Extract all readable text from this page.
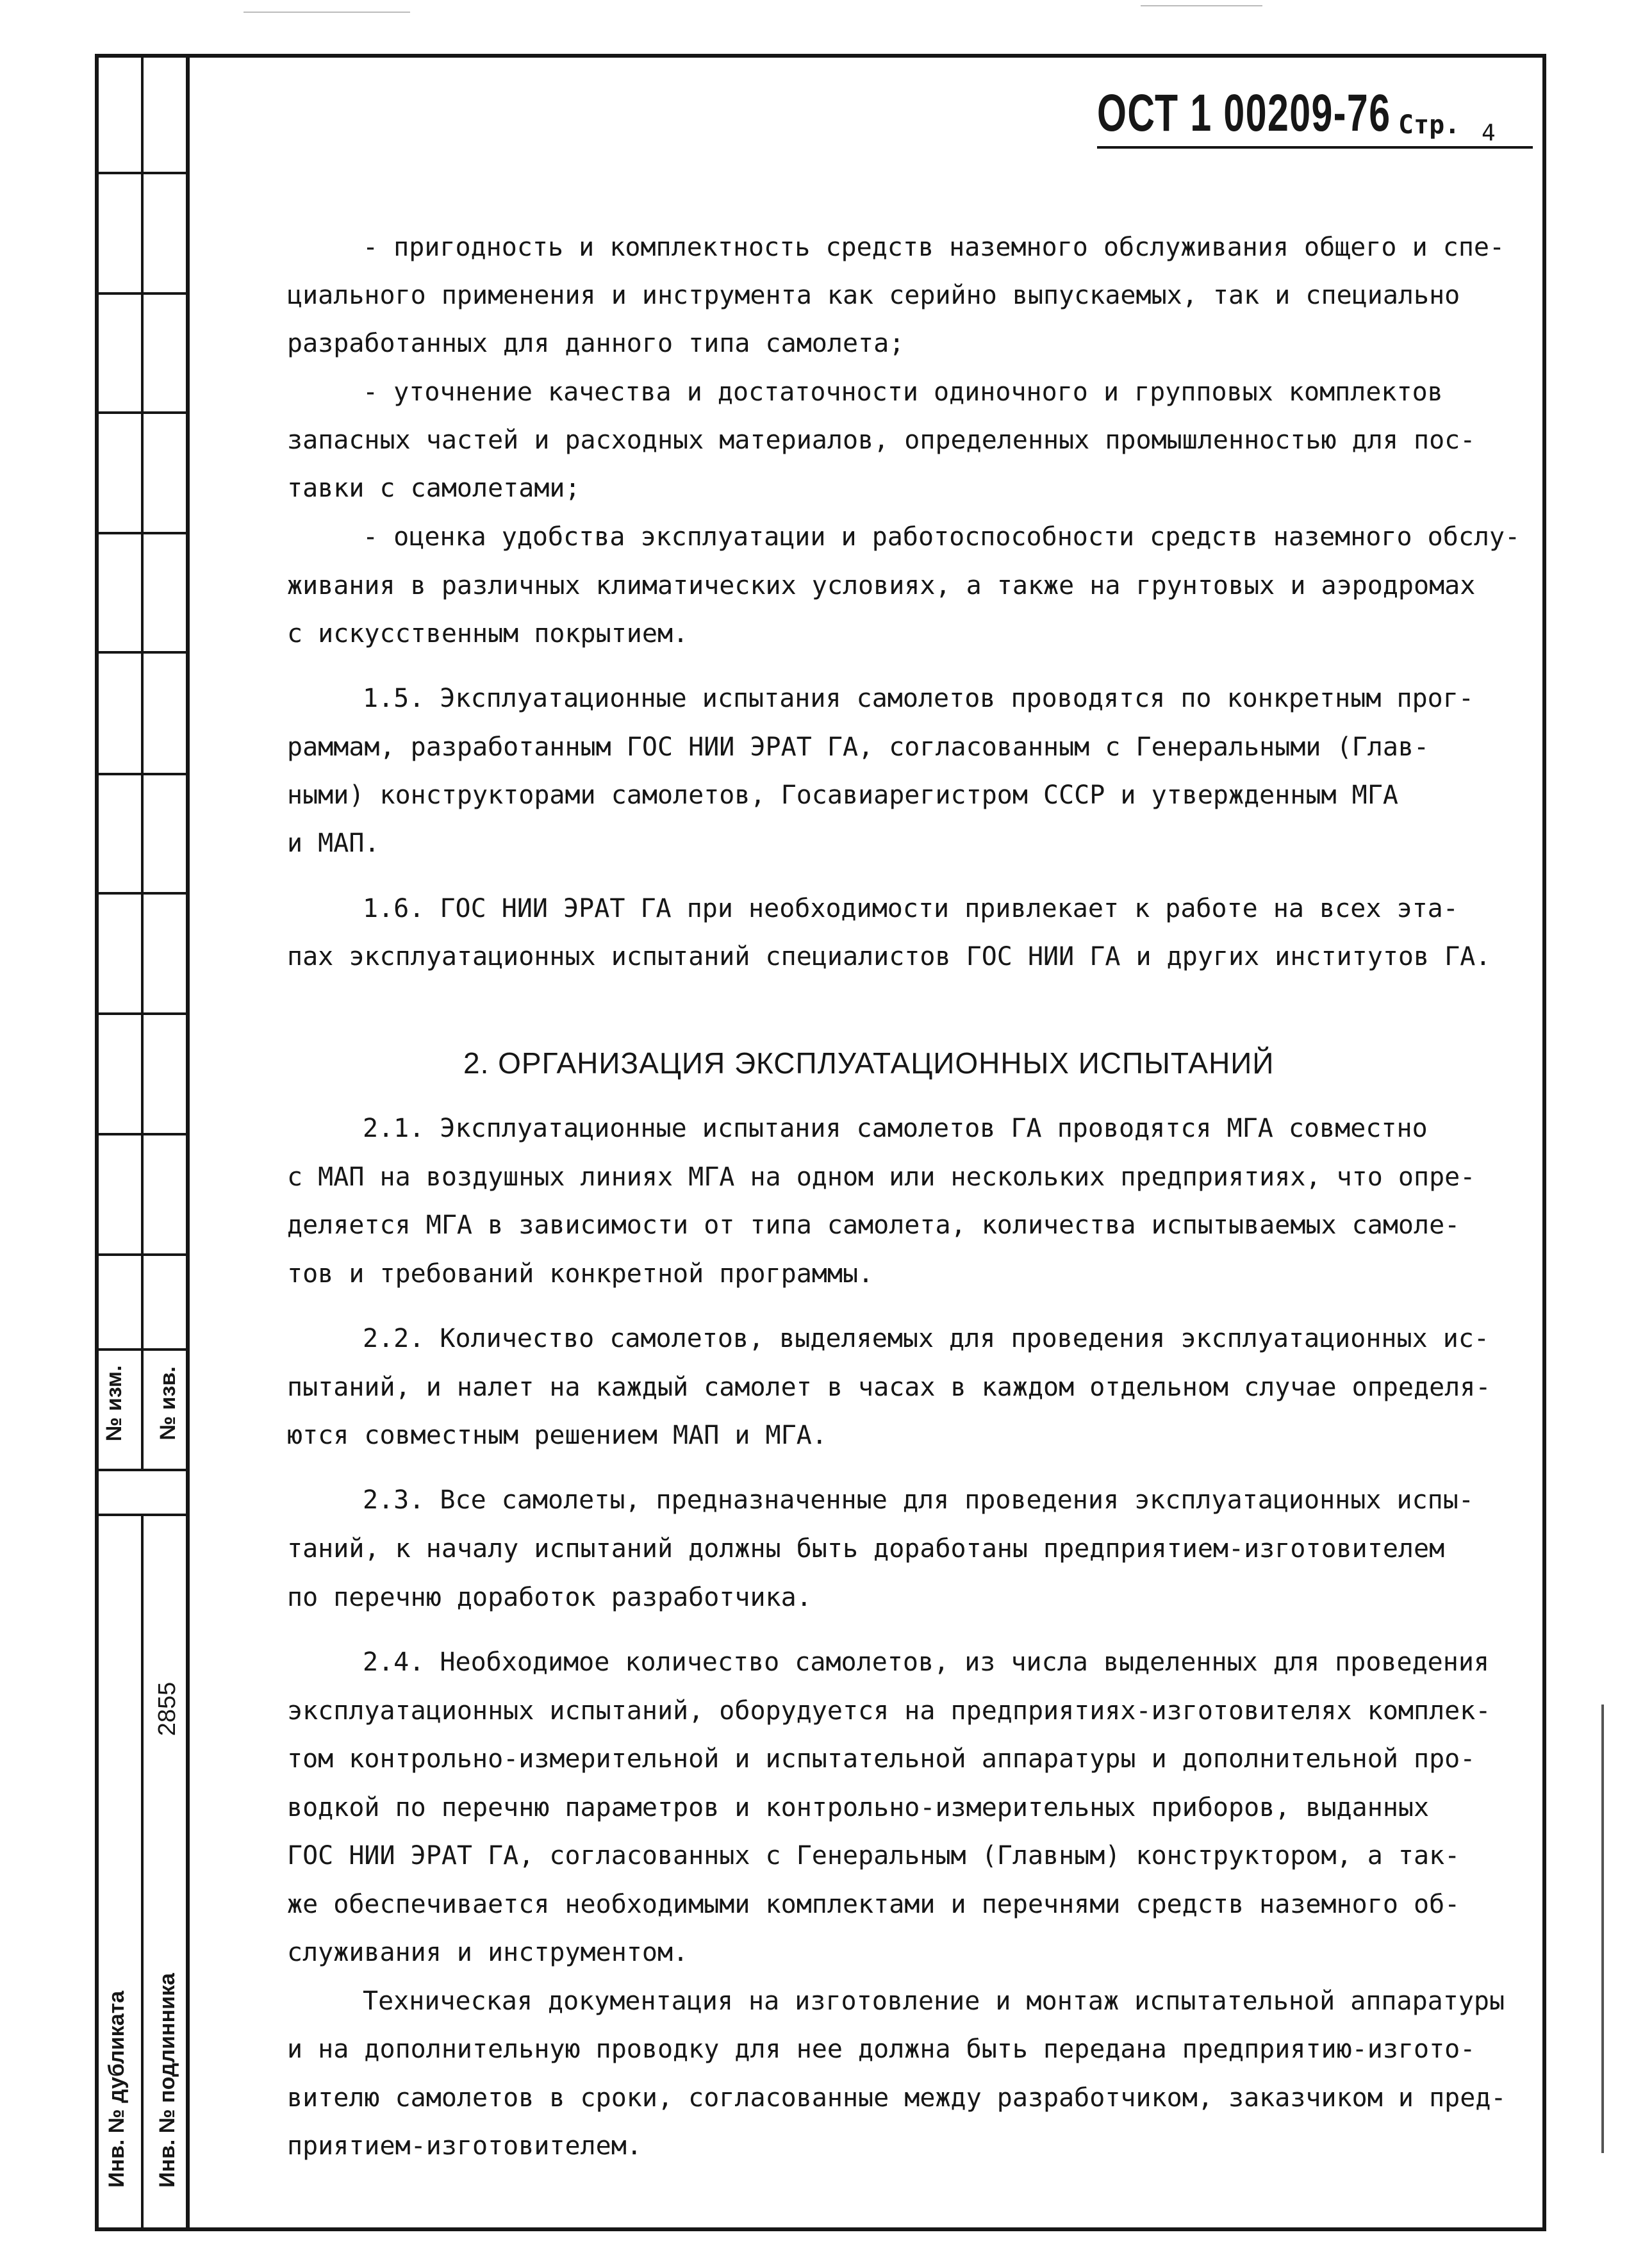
№ изм. № изв.
Инв. № дубликата Инв. № подлинника
2855
ОСТ 1 00209-76 Стр. 4

- пригодность и комплектность средств наземного обслуживания общего и спе-

циального применения и инструмента как серийно выпускаемых, так и специально

разработанных для данного типа самолета;

- уточнение качества и достаточности одиночного и групповых комплектов

запасных частей и расходных материалов, определенных промышленностью для пос-

тавки с самолетами;

- оценка удобства эксплуатации и работоспособности средств наземного обслу-

живания в различных климатических условиях, а также на грунтовых и аэродромах

с искусственным покрытием.

1.5. Эксплуатационные испытания самолетов проводятся по конкретным прог-

раммам, разработанным ГОС НИИ ЭРАТ ГА, согласованным с Генеральными (Глав-

ными) конструкторами самолетов, Госавиарегистром СССР и утвержденным МГА

и МАП.

1.6. ГОС НИИ ЭРАТ ГА при необходимости привлекает к работе на всех эта-

пах эксплуатационных испытаний специалистов ГОС НИИ ГА и других институтов ГА.

2. ОРГАНИЗАЦИЯ ЭКСПЛУАТАЦИОННЫХ ИСПЫТАНИЙ

2.1. Эксплуатационные испытания самолетов ГА проводятся МГА совместно

с МАП на воздушных линиях МГА на одном или нескольких предприятиях, что опре-

деляется МГА в зависимости от типа самолета, количества испытываемых самоле-

тов и требований конкретной программы.

2.2. Количество самолетов, выделяемых для проведения эксплуатационных ис-

пытаний, и налет на каждый самолет в часах в каждом отдельном случае определя-

ются совместным решением МАП и МГА.

2.3. Все самолеты, предназначенные для проведения эксплуатационных испы-

таний, к началу испытаний должны быть доработаны предприятием-изготовителем

по перечню доработок разработчика.

2.4. Необходимое количество самолетов, из числа выделенных для проведения

эксплуатационных испытаний, оборудуется на предприятиях-изготовителях комплек-

том контрольно-измерительной и испытательной аппаратуры и дополнительной про-

водкой по перечню параметров и контрольно-измерительных приборов, выданных

ГОС НИИ ЭРАТ ГА, согласованных с Генеральным (Главным) конструктором, а так-

же обеспечивается необходимыми комплектами и перечнями средств наземного об-

служивания и инструментом.

Техническая документация на изготовление и монтаж испытательной аппаратуры

и на дополнительную проводку для нее должна быть передана предприятию-изгото-

вителю самолетов в сроки, согласованные между разработчиком, заказчиком и пред-

приятием-изготовителем.
